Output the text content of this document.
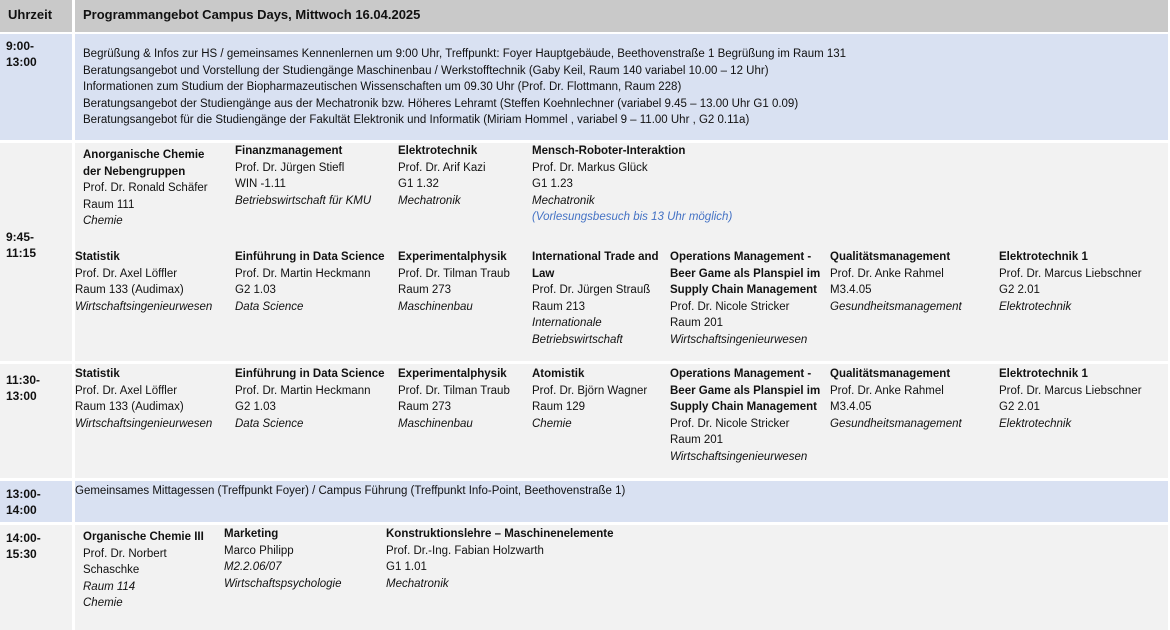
Uhrzeit	Programmangebot Campus Days, Mittwoch 16.04.2025
9:00-
13:00
Begrüßung & Infos zur HS / gemeinsames Kennenlernen um 9:00 Uhr, Treffpunkt: Foyer Hauptgebäude, Beethovenstraße 1 Begrüßung im Raum 131
Beratungsangebot und Vorstellung der Studiengänge Maschinenbau / Werkstofftechnik (Gaby Keil, Raum 140 variabel 10.00 – 12 Uhr)
Informationen zum Studium der Biopharmazeutischen Wissenschaften um 09.30 Uhr (Prof. Dr. Flottmann, Raum 228)
Beratungsangebot der Studiengänge aus der Mechatronik bzw. Höheres Lehramt (Steffen Koehnlechner (variabel 9.45 – 13.00 Uhr G1 0.09)
Beratungsangebot für die Studiengänge der Fakultät Elektronik und Informatik (Miriam Hommel , variabel 9 – 11.00 Uhr , G2 0.11a)
9:45-
11:15
Anorganische Chemie
der Nebengruppen
Prof. Dr. Ronald Schäfer
Raum 111
Chemie
Finanzmanagement
Prof. Dr. Jürgen Stiefl
WIN -1.11
Betriebswirtschaft für KMU
Elektrotechnik
Prof. Dr. Arif Kazi
G1 1.32
Mechatronik
Mensch-Roboter-Interaktion
Prof. Dr. Markus Glück
G1 1.23
Mechatronik
(Vorlesungsbesuch bis 13 Uhr möglich)
Statistik
Prof. Dr. Axel Löffler
Raum 133 (Audimax)
Wirtschaftsingenieurwesen
Einführung in Data Science
Prof. Dr. Martin Heckmann
G2 1.03
Data Science
Experimentalphysik
Prof. Dr. Tilman Traub
Raum 273
Maschinenbau
International Trade and
Law
Prof. Dr. Jürgen Strauß
Raum 213
Internationale
Betriebswirtschaft
Operations Management -
Beer Game als Planspiel im
Supply Chain Management
Prof. Dr. Nicole Stricker
Raum 201
Wirtschaftsingenieurwesen
Qualitätsmanagement
Prof. Dr. Anke Rahmel
M3.4.05
Gesundheitsmanagement
Elektrotechnik 1
Prof. Dr. Marcus Liebschner
G2 2.01
Elektrotechnik
11:30-
13:00
Statistik
Prof. Dr. Axel Löffler
Raum 133 (Audimax)
Wirtschaftsingenieurwesen
Einführung in Data Science
Prof. Dr. Martin Heckmann
G2 1.03
Data Science
Experimentalphysik
Prof. Dr. Tilman Traub
Raum 273
Maschinenbau
Atomistik
Prof. Dr. Björn Wagner
Raum 129
Chemie
Operations Management -
Beer Game als Planspiel im
Supply Chain Management
Prof. Dr. Nicole Stricker
Raum 201
Wirtschaftsingenieurwesen
Qualitätsmanagement
Prof. Dr. Anke Rahmel
M3.4.05
Gesundheitsmanagement
Elektrotechnik 1
Prof. Dr. Marcus Liebschner
G2 2.01
Elektrotechnik
13:00-
14:00
Gemeinsames Mittagessen (Treffpunkt Foyer) / Campus Führung (Treffpunkt Info-Point, Beethovenstraße 1)
14:00-
15:30
Organische Chemie III
Prof. Dr. Norbert
Schaschke
Raum 114
Chemie
Marketing
Marco Philipp
M2.2.06/07
Wirtschaftspsychologie
Konstruktionslehre – Maschinenelemente
Prof. Dr.-Ing. Fabian Holzwarth
G1 1.01
Mechatronik
